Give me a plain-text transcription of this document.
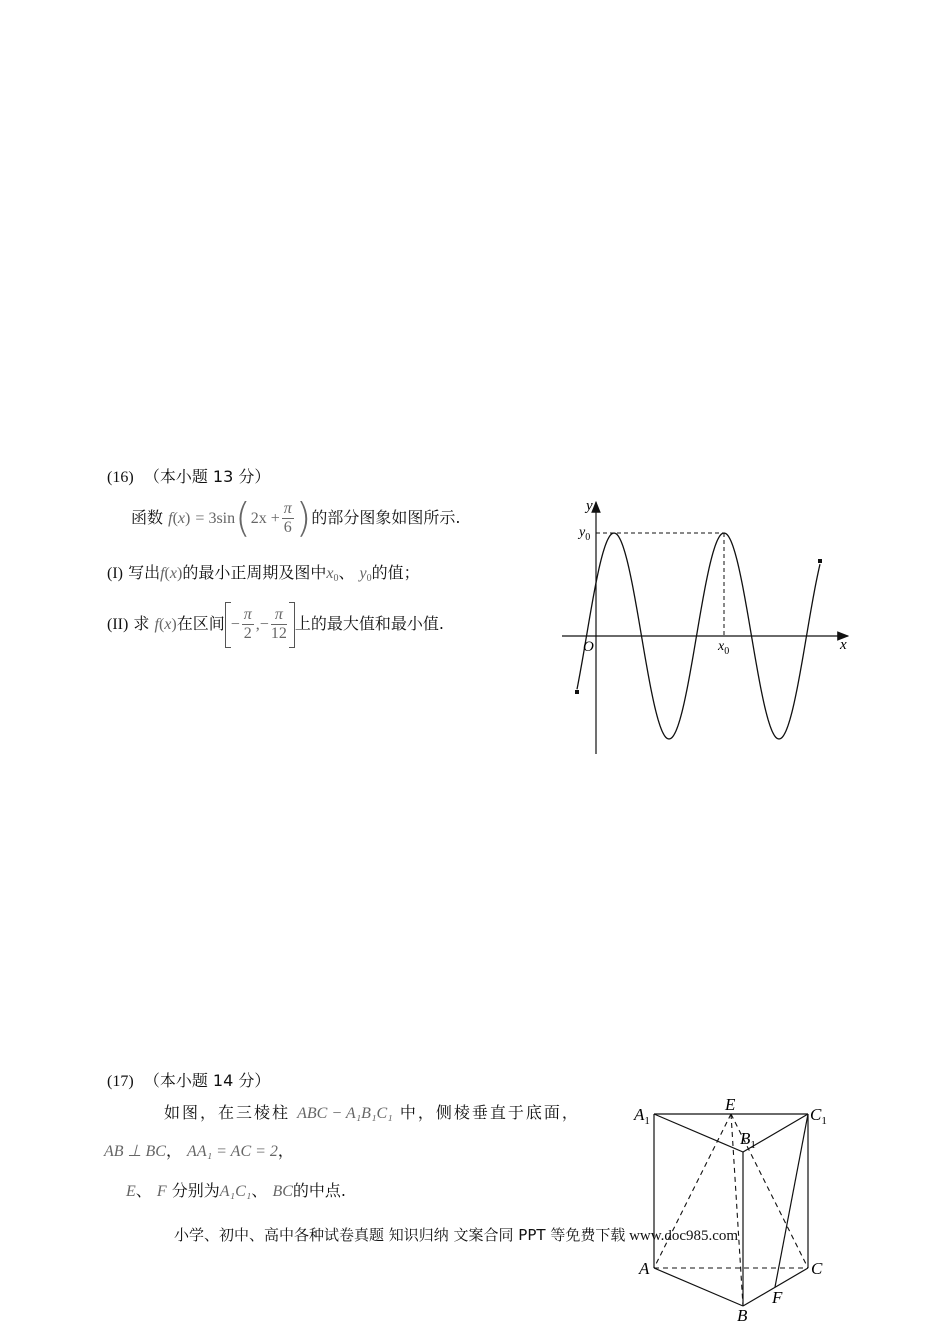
(16) （本小题 13 分）
函数 $f(x) = 3\sin(2x + \frac{\pi}{6}$ )的部分图象如图所示.
(I) 写出f(x)的最小正周期及图中$x_0$、 $y_0$的值；
(II) 求 f(x)在区间 − $\frac{\pi}{2}$ ,− $\frac{\pi}{12}$ 上的最大值和最小值.
y
x
O
$y_0$
$x_0$
(17) （本小题 14 分）
如图，在三棱柱 ABC − A₁B₁C₁ 中，侧棱垂直于底面，
AB ⊥ BC， AA₁ = AC = 2，
E、 F 分别为A₁C₁、 BC的中点.
小学、初中、高中各种试卷真题 知识归纳 文案合同 PPT 等免费下载 www.doc985.com
$A_1$
E
$C_1$
$B_1$
A	C
B
F
